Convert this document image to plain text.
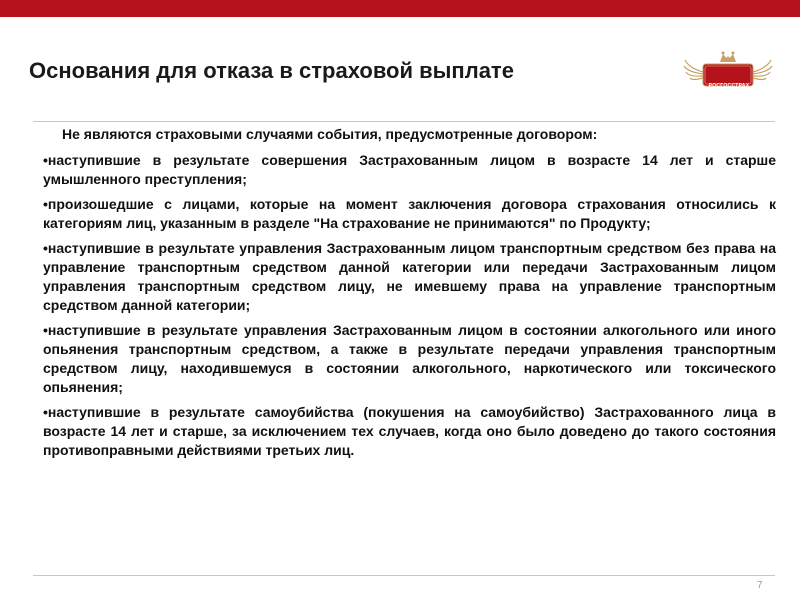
Основания для отказа в страховой выплате
РОСГОССТРАХ

Не являются страховыми случаями события, предусмотренные договором:

•наступившие в результате совершения Застрахованным лицом в возрасте 14 лет и старше умышленного преступления;

•произошедшие с лицами, которые на момент заключения договора страхования относились к категориям лиц, указанным в разделе "На страхование не принимаются" по Продукту;

•наступившие в результате управления Застрахованным лицом транспортным средством без права на управление транспортным средством данной категории или передачи Застрахованным лицом управления транспортным средством лицу, не имевшему права на управление транспортным средством данной категории;

•наступившие в результате управления Застрахованным лицом в состоянии алкогольного или иного опьянения транспортным средством, а также в результате передачи управления транспортным средством лицу, находившемуся в состоянии алкогольного, наркотического или токсического опьянения;

•наступившие в результате самоубийства (покушения на самоубийство) Застрахованного лица в возрасте 14 лет и старше, за исключением тех случаев, когда оно было доведено до такого состояния противоправными действиями третьих лиц.

7
